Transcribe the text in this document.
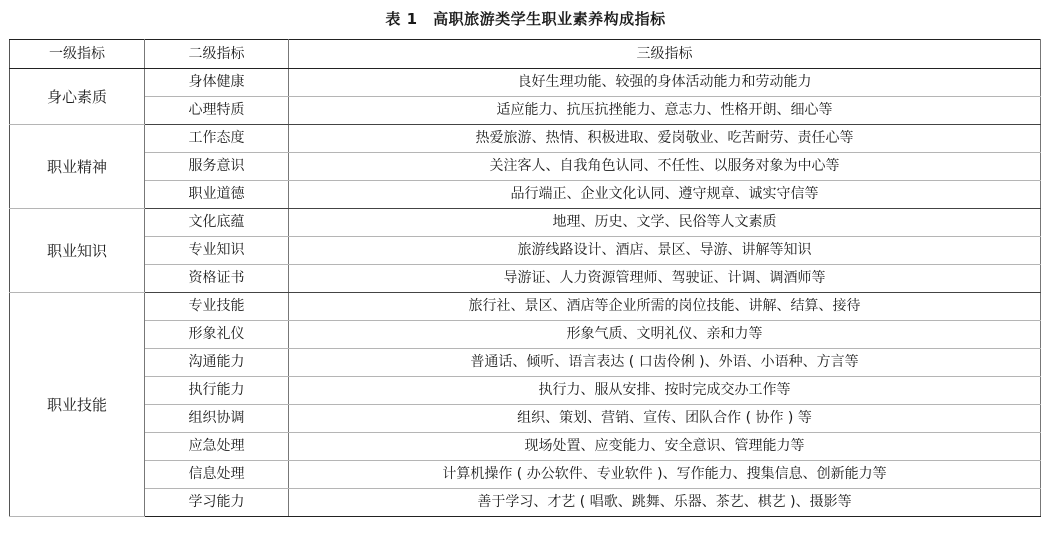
表 1　高职旅游类学生职业素养构成指标
一级指标	二级指标	三级指标
身心素质	身体健康	良好生理功能、较强的身体活动能力和劳动能力
	心理特质	适应能力、抗压抗挫能力、意志力、性格开朗、细心等
职业精神	工作态度	热爱旅游、热情、积极进取、爱岗敬业、吃苦耐劳、责任心等
	服务意识	关注客人、自我角色认同、不任性、以服务对象为中心等
	职业道德	品行端正、企业文化认同、遵守规章、诚实守信等
职业知识	文化底蕴	地理、历史、文学、民俗等人文素质
	专业知识	旅游线路设计、酒店、景区、导游、讲解等知识
	资格证书	导游证、人力资源管理师、驾驶证、计调、调酒师等
职业技能	专业技能	旅行社、景区、酒店等企业所需的岗位技能、讲解、结算、接待
	形象礼仪	形象气质、文明礼仪、亲和力等
	沟通能力	普通话、倾听、语言表达 ( 口齿伶俐 )、外语、小语种、方言等
	执行能力	执行力、服从安排、按时完成交办工作等
	组织协调	组织、策划、营销、宣传、团队合作 ( 协作 ) 等
	应急处理	现场处置、应变能力、安全意识、管理能力等
	信息处理	计算机操作 ( 办公软件、专业软件 )、写作能力、搜集信息、创新能力等
	学习能力	善于学习、才艺 ( 唱歌、跳舞、乐器、茶艺、棋艺 )、摄影等
